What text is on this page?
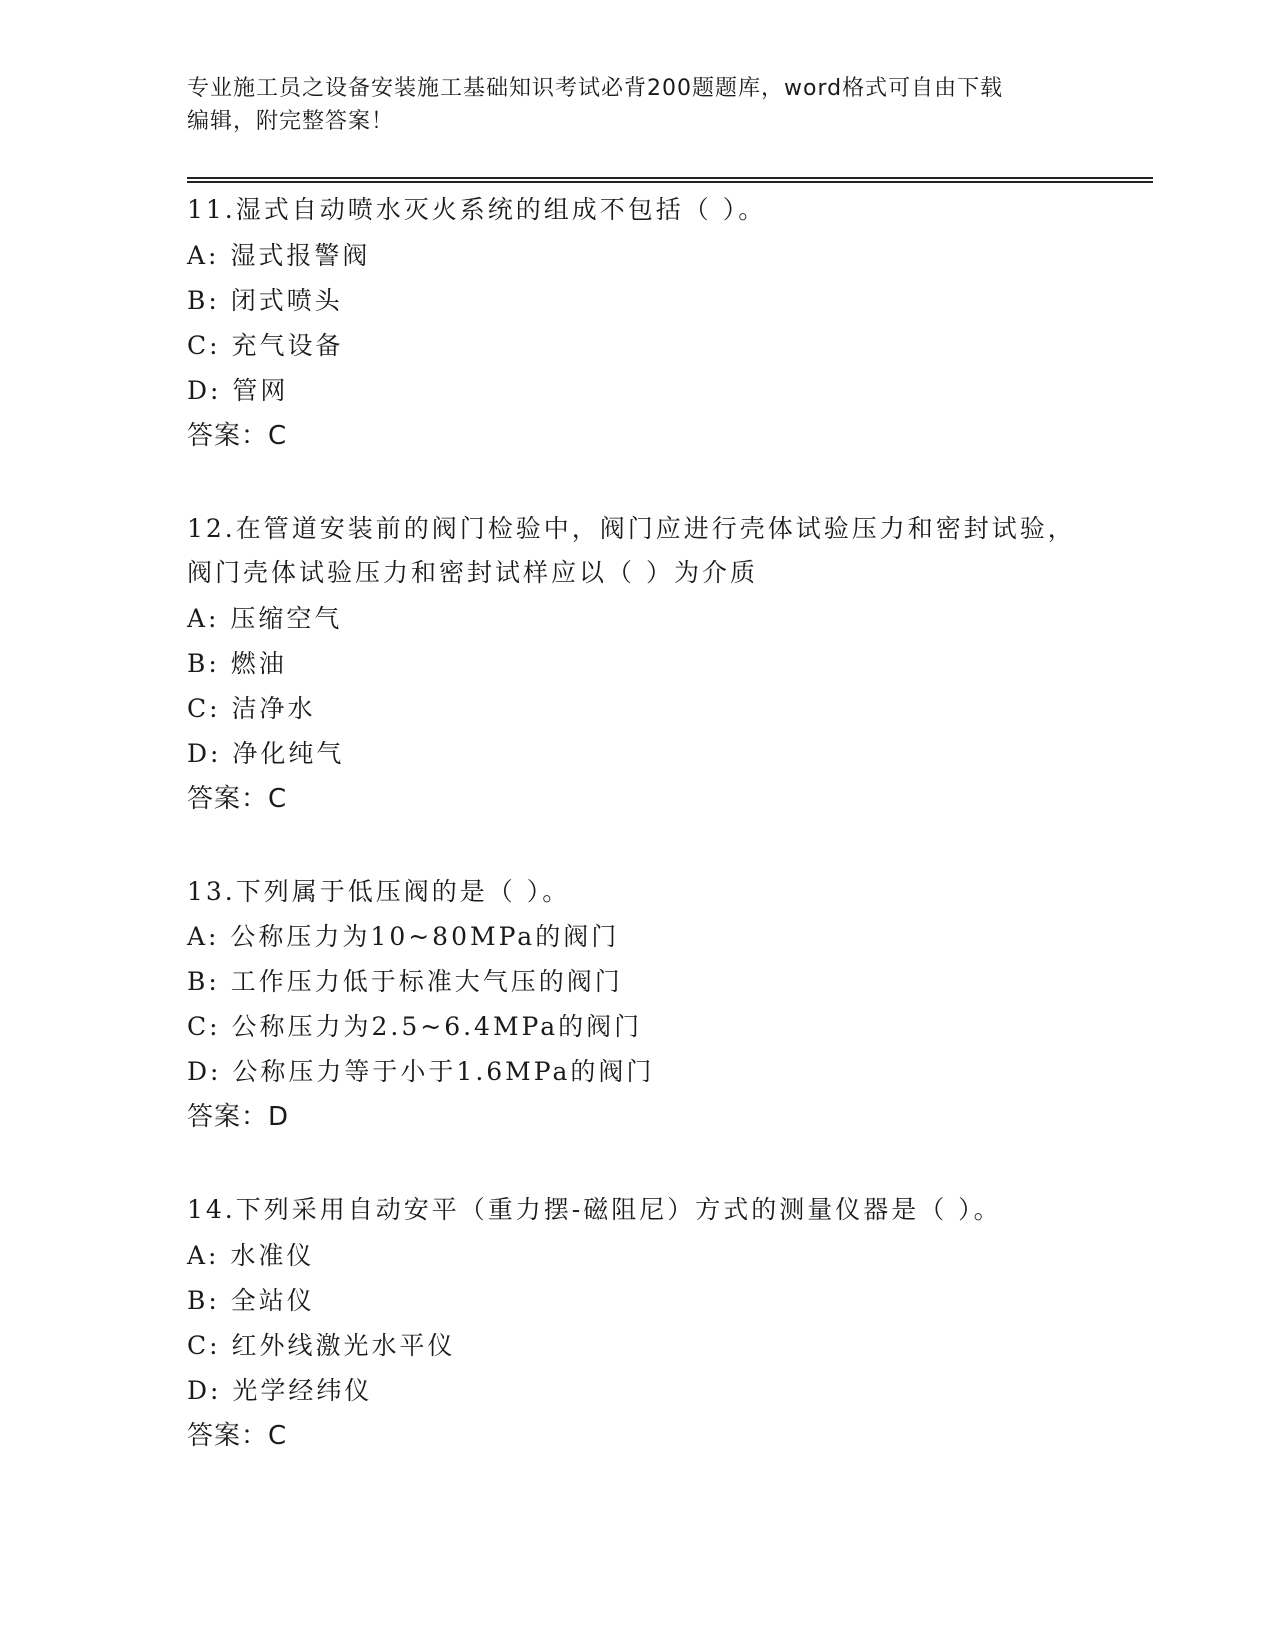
专业施工员之设备安装施工基础知识考试必背200题题库，word格式可自由下载
编辑，附完整答案！

11.湿式自动喷水灭火系统的组成不包括（ ）。

A: 湿式报警阀

B: 闭式喷头

C: 充气设备

D: 管网

答案：C

12.在管道安装前的阀门检验中，阀门应进行壳体试验压力和密封试验，阀门壳体试验压力和密封试样应以（ ）为介质

A: 压缩空气

B: 燃油

C: 洁净水

D: 净化纯气

答案：C

13.下列属于低压阀的是（ ）。

A: 公称压力为10~80MPa的阀门

B: 工作压力低于标准大气压的阀门

C: 公称压力为2.5~6.4MPa的阀门

D: 公称压力等于小于1.6MPa的阀门

答案：D

14.下列采用自动安平（重力摆-磁阻尼）方式的测量仪器是（ ）。

A: 水准仪

B: 全站仪

C: 红外线激光水平仪

D: 光学经纬仪

答案：C
